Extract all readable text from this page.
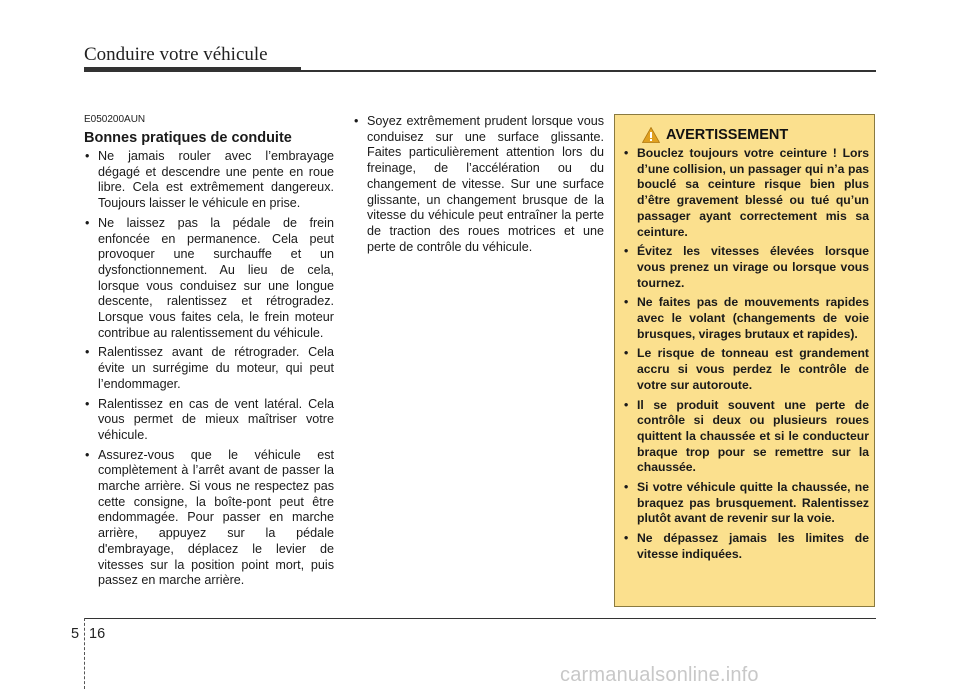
Conduire votre véhicule
E050200AUN
Bonnes pratiques de conduite
• Ne jamais rouler avec l’embrayage dégagé et descendre une pente en roue libre. Cela est extrêmement dangereux. Toujours laisser le véhicule en prise.
• Ne laissez pas la pédale de frein enfoncée en permanence. Cela peut provoquer une surchauffe et un dysfonctionnement. Au lieu de cela, lorsque vous conduisez sur une longue descente, ralentissez et rétrogradez. Lorsque vous faites cela, le frein moteur contribue au ralentissement du véhicule.
• Ralentissez avant de rétrograder. Cela évite un surrégime du moteur, qui peut l’endommager.
• Ralentissez en cas de vent latéral. Cela vous permet de mieux maîtriser votre véhicule.
• Assurez-vous que le véhicule est complètement à l’arrêt avant de passer la marche arrière. Si vous ne respectez pas cette consigne, la boîte-pont peut être endommagée. Pour passer en marche arrière, appuyez sur la pédale d'embrayage, déplacez le levier de vitesses sur la position point mort, puis passez en marche arrière.
• Soyez extrêmement prudent lorsque vous conduisez sur une surface glissante. Faites particulièrement attention lors du freinage, de l’accélération ou du changement de vitesse. Sur une surface glissante, un changement brusque de la vitesse du véhicule peut entraîner la perte de traction des roues motrices et une perte de contrôle du véhicule.
AVERTISSEMENT
• Bouclez toujours votre ceinture ! Lors d’une collision, un passager qui n’a pas bouclé sa ceinture risque bien plus d’être gravement blessé ou tué qu’un passager ayant correctement mis sa ceinture.
• Évitez les vitesses élevées lorsque vous prenez un virage ou lorsque vous tournez.
• Ne faites pas de mouvements rapides avec le volant (changements de voie brusques, virages brutaux et rapides).
• Le risque de tonneau est grandement accru si vous perdez le contrôle de votre sur autoroute.
• Il se produit souvent une perte de contrôle si deux ou plusieurs roues quittent la chaussée et si le conducteur braque trop pour se remettre sur la chaussée.
• Si votre véhicule quitte la chaussée, ne braquez pas brusquement. Ralentissez plutôt avant de revenir sur la voie.
• Ne dépassez jamais les limites de vitesse indiquées.
5 16
carmanualsonline.info
